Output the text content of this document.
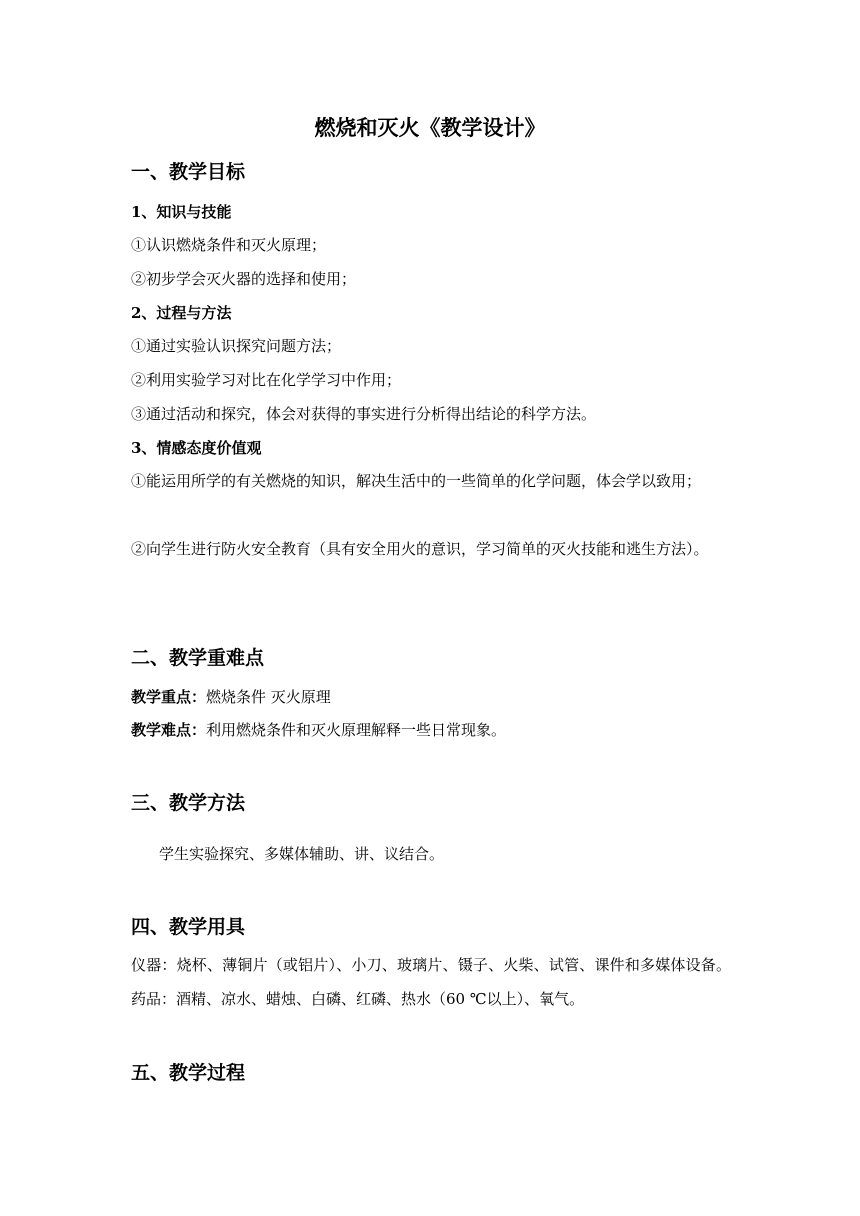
燃烧和灭火《教学设计》
一、教学目标
1、知识与技能
①认识燃烧条件和灭火原理；
②初步学会灭火器的选择和使用；
2、过程与方法
①通过实验认识探究问题方法；
②利用实验学习对比在化学学习中作用；
③通过活动和探究，体会对获得的事实进行分析得出结论的科学方法。
3、情感态度价值观
①能运用所学的有关燃烧的知识，解决生活中的一些简单的化学问题，体会学以致用；
②向学生进行防火安全教育（具有安全用火的意识，学习简单的灭火技能和逃生方法）。
二、教学重难点
教学重点：燃烧条件 灭火原理
教学难点：利用燃烧条件和灭火原理解释一些日常现象。
三、教学方法
学生实验探究、多媒体辅助、讲、议结合。
四、教学用具
仪器：烧杯、薄铜片（或铝片）、小刀、玻璃片、镊子、火柴、试管、课件和多媒体设备。药品：酒精、凉水、蜡烛、白磷、红磷、热水（60 ℃以上）、氧气。
五、教学过程
